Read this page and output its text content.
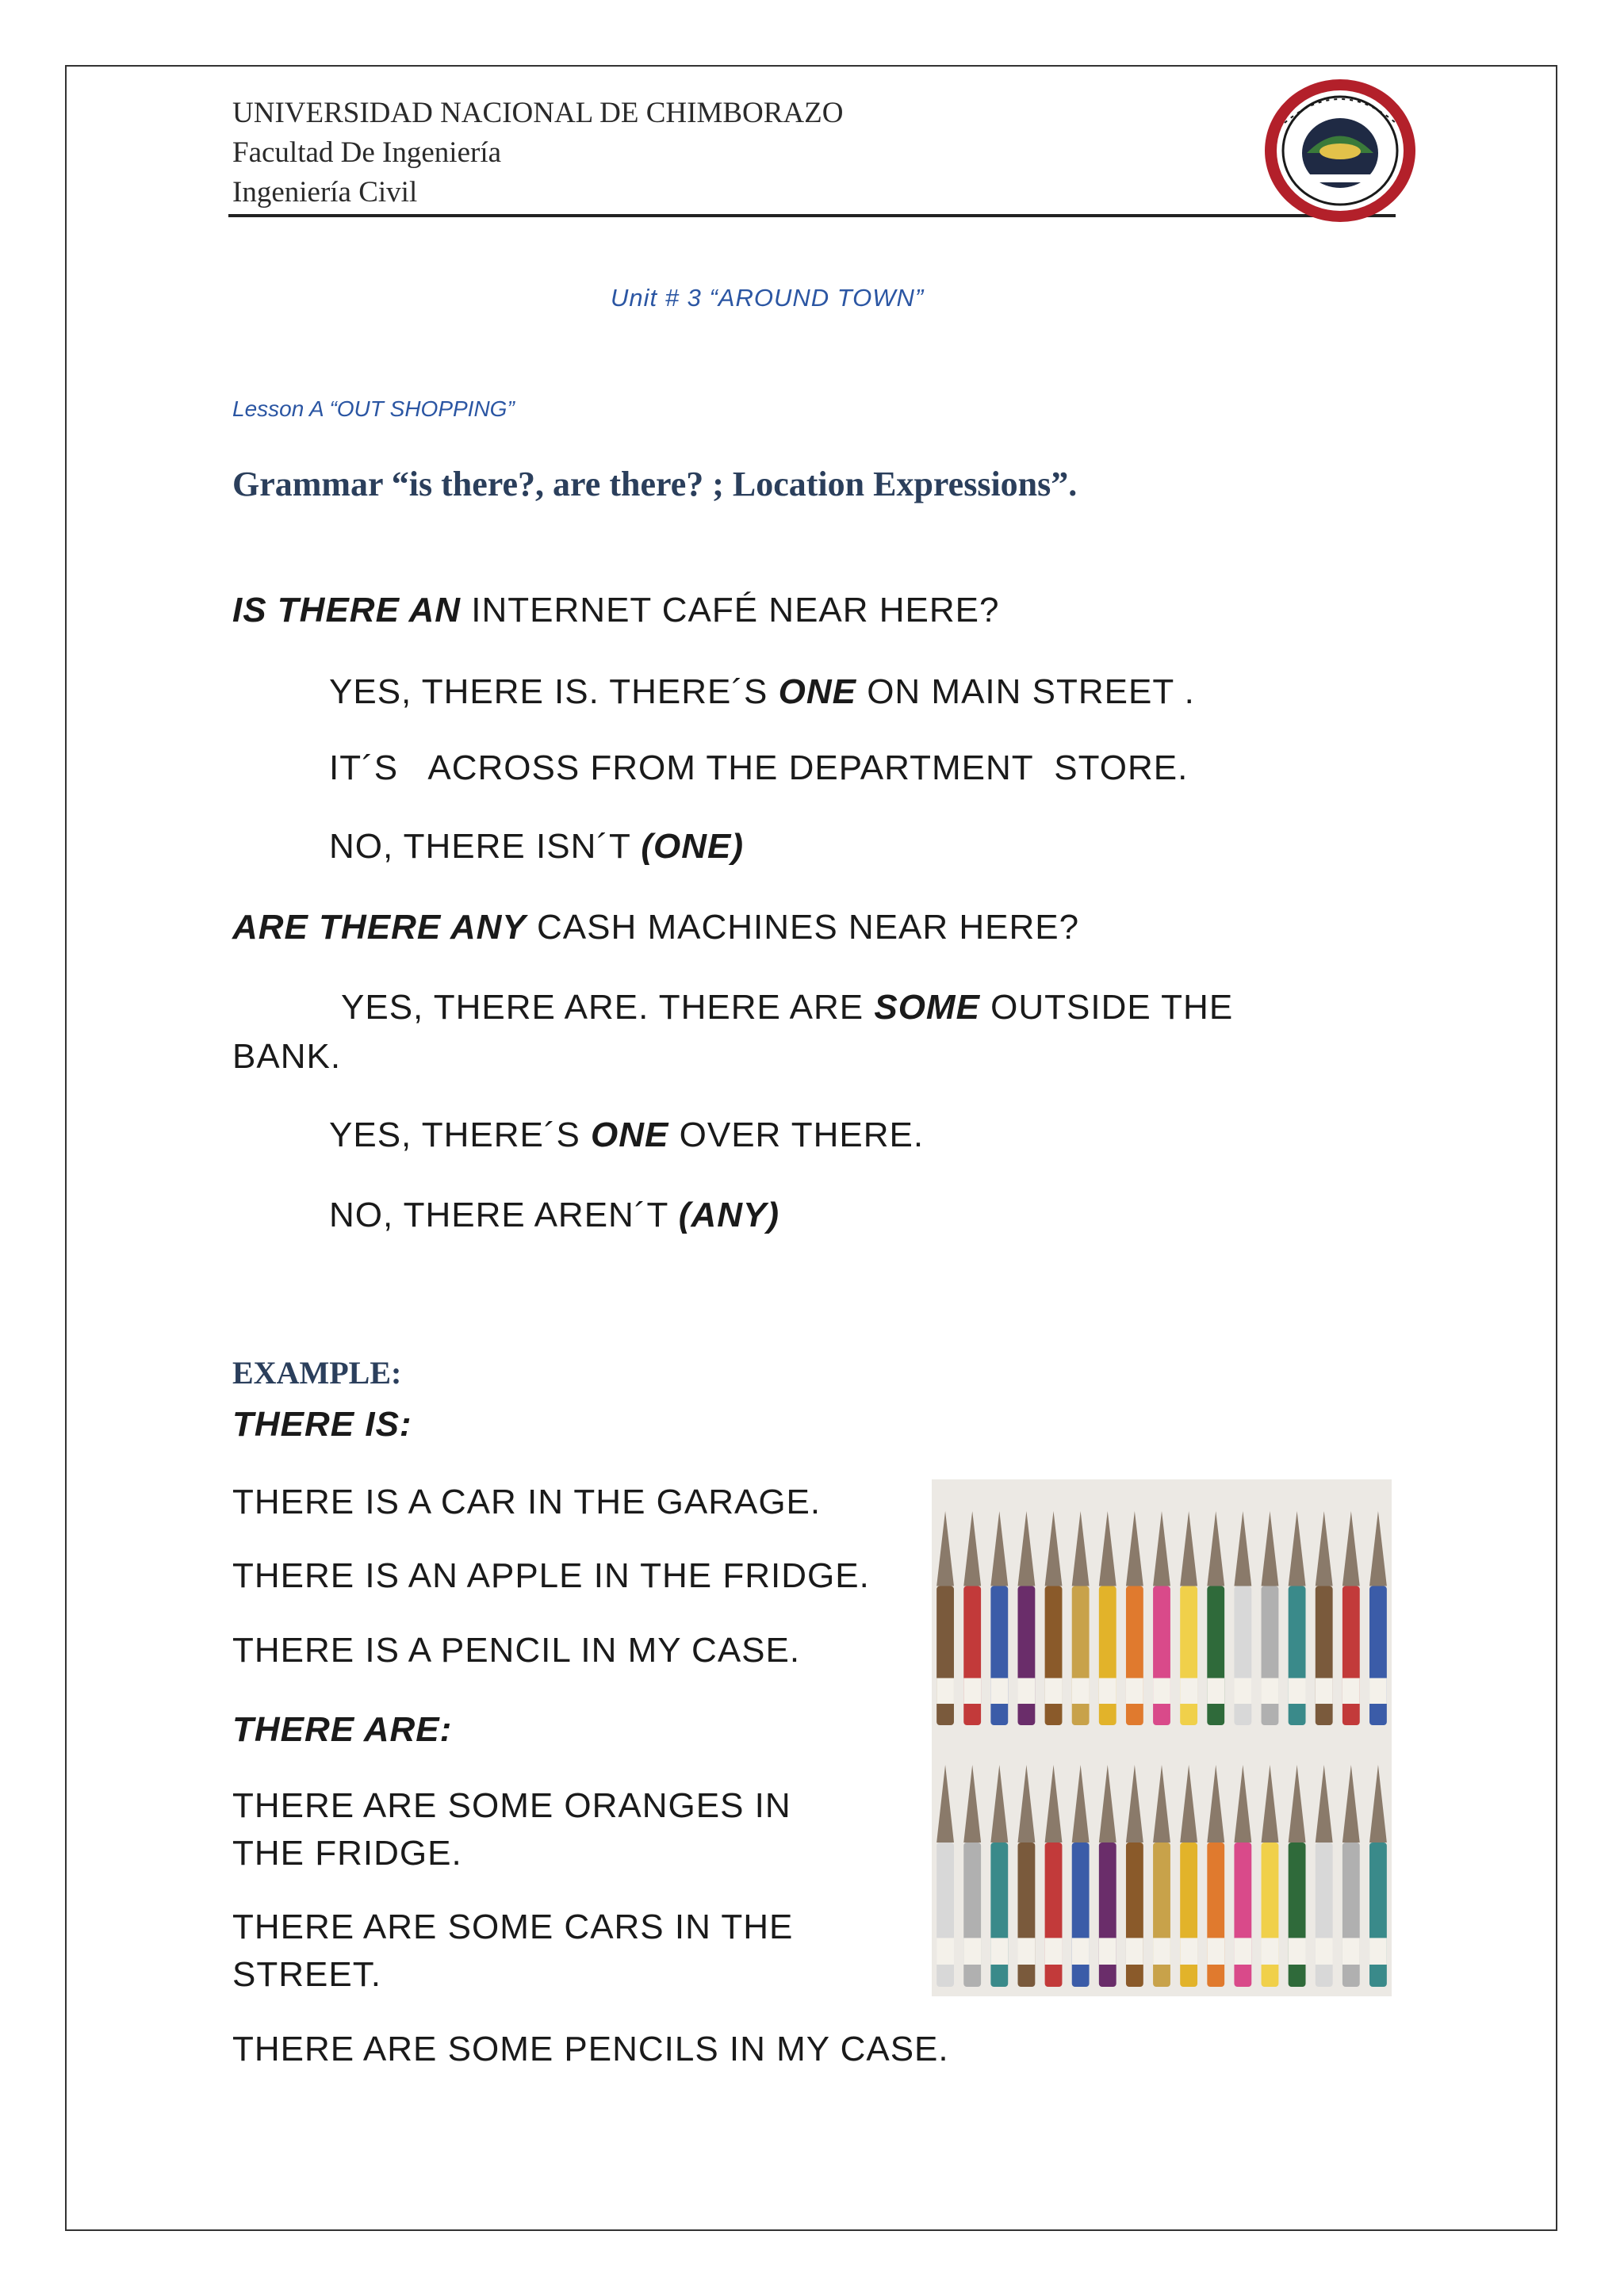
UNIVERSIDAD NACIONAL DE CHIMBORAZO
Facultad De Ingeniería
Ingeniería Civil
Unit # 3 “AROUND TOWN”
Lesson A “OUT SHOPPING”
Grammar “is there?, are there? ; Location Expressions”.
IS THERE AN INTERNET CAFÉ NEAR HERE?
YES, THERE IS. THERE´S ONE ON MAIN STREET .
IT´S   ACROSS FROM THE DEPARTMENT  STORE.
NO, THERE ISN´T (ONE)
ARE THERE ANY CASH MACHINES NEAR HERE?
YES, THERE ARE. THERE ARE SOME OUTSIDE THE
BANK.
YES, THERE´S ONE OVER THERE.
NO, THERE AREN´T (ANY)
EXAMPLE:
THERE IS:
THERE IS A CAR IN THE GARAGE.
THERE IS AN APPLE IN THE FRIDGE.
THERE IS A PENCIL IN MY CASE.
THERE ARE:
THERE ARE SOME ORANGES IN
THE FRIDGE.
THERE ARE SOME CARS IN THE
STREET.
THERE ARE SOME PENCILS IN MY CASE.
